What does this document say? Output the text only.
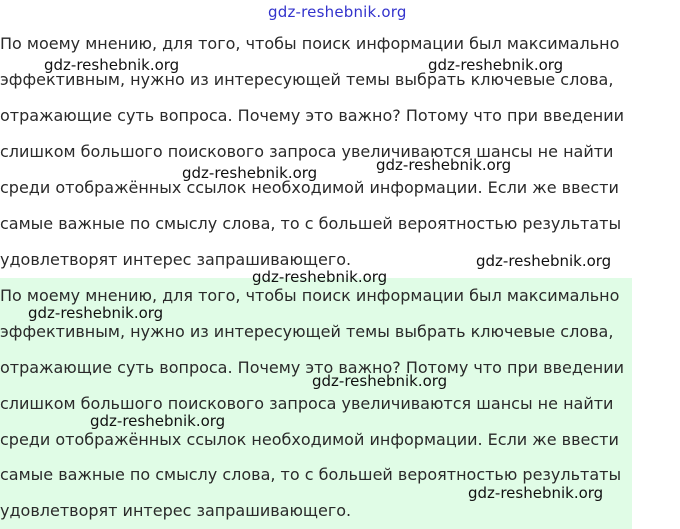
gdz-reshebnik.org
По моему мнению, для того, чтобы поиск информации был максимально
эффективным, нужно из интересующей темы выбрать ключевые слова,
отражающие суть вопроса. Почему это важно? Потому что при введении
слишком большого поискового запроса увеличиваются шансы не найти
среди отображённых ссылок необходимой информации. Если же ввести
самые важные по смыслу слова, то с большей вероятностью результаты
удовлетворят интерес запрашивающего.
По моему мнению, для того, чтобы поиск информации был максимально
эффективным, нужно из интересующей темы выбрать ключевые слова,
отражающие суть вопроса. Почему это важно? Потому что при введении
слишком большого поискового запроса увеличиваются шансы не найти
среди отображённых ссылок необходимой информации. Если же ввести
самые важные по смыслу слова, то с большей вероятностью результаты
удовлетворят интерес запрашивающего.
gdz-reshebnik.org	gdz-reshebnik.org
gdz-reshebnik.org
gdz-reshebnik.org
gdz-reshebnik.org
gdz-reshebnik.org
gdz-reshebnik.org
gdz-reshebnik.org
gdz-reshebnik.org
gdz-reshebnik.org
